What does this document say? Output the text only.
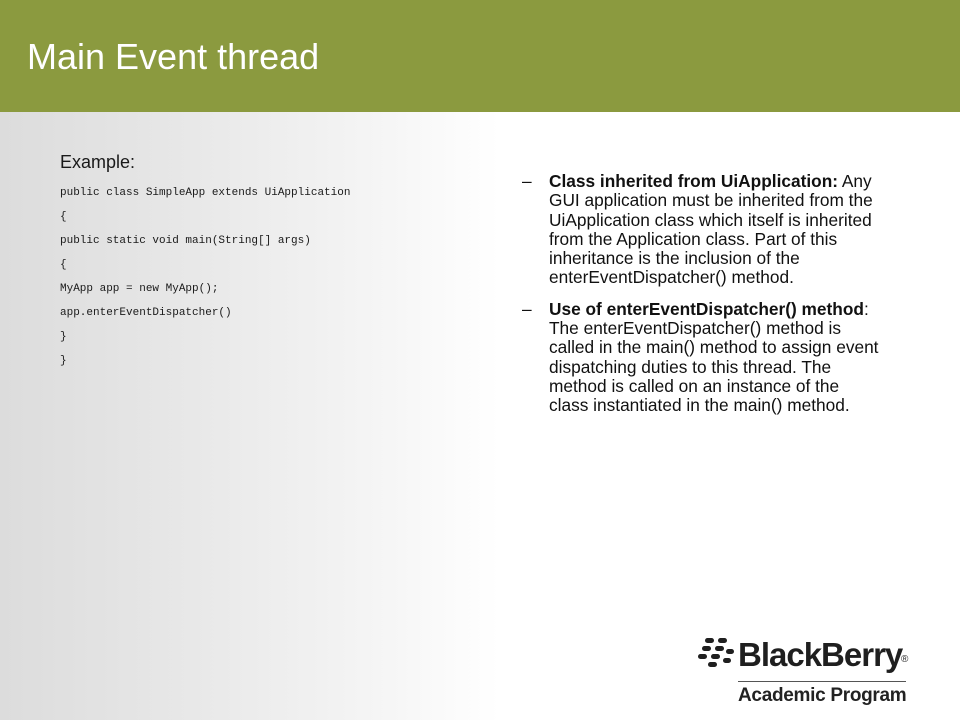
Main Event thread
Example:
public class SimpleApp extends UiApplication
{
public static void main(String[] args)
{
MyApp app = new MyApp();
app.enterEventDispatcher()
}
}
– Class inherited from UiApplication: Any GUI application must be inherited from the UiApplication class which itself is inherited from the Application class. Part of this inheritance is the inclusion of the enterEventDispatcher() method.
– Use of enterEventDispatcher() method: The enterEventDispatcher() method is called in the main() method to assign event dispatching duties to this thread. The method is called on an instance of the class instantiated in the main() method.
BlackBerry
®
Academic Program
